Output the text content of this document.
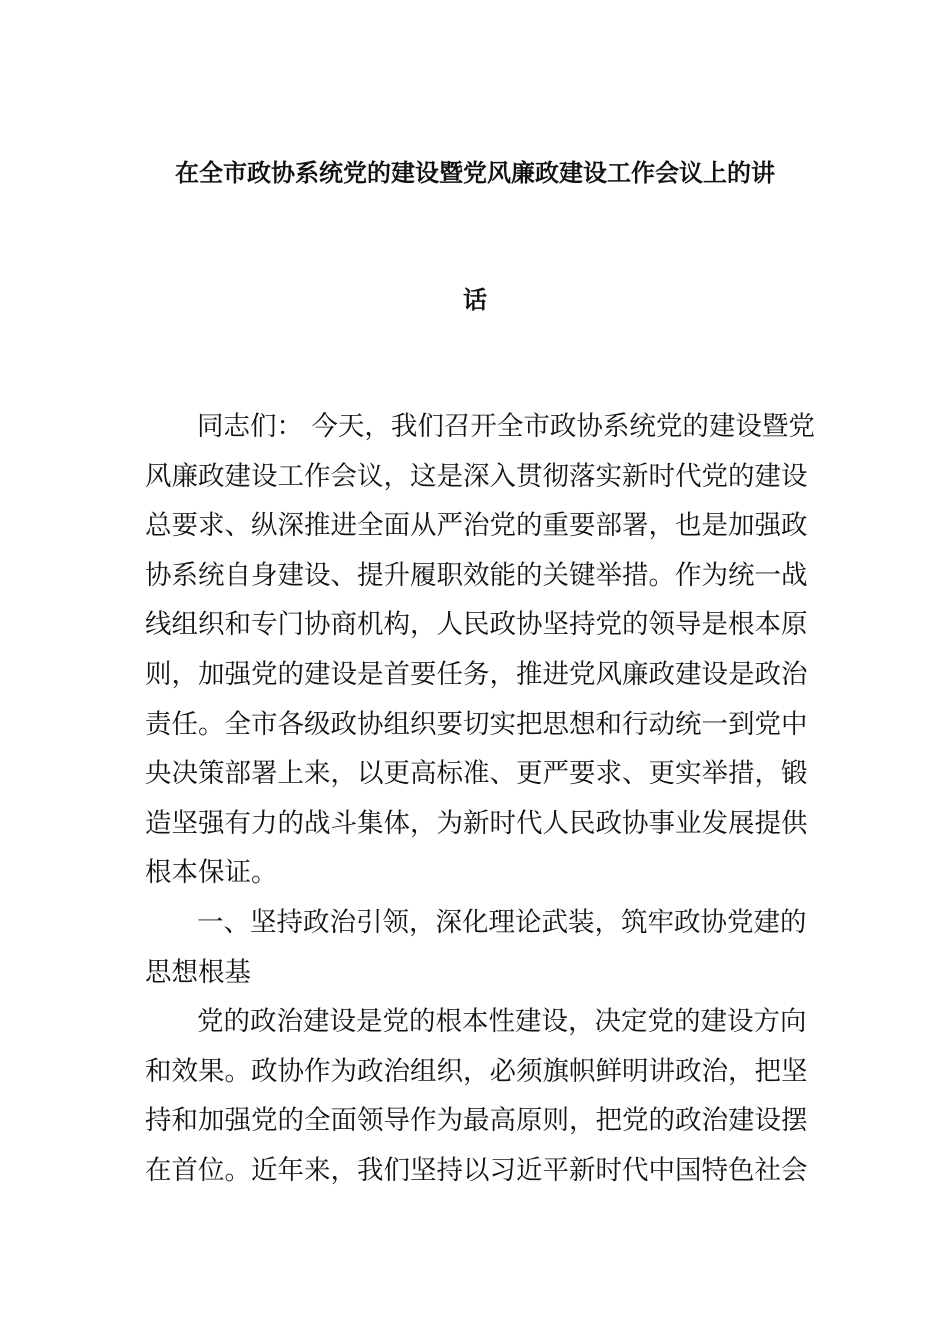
在全市政协系统党的建设暨党风廉政建设工作会议上的讲
话
同志们： 今天，我们召开全市政协系统党的建设暨党
风廉政建设工作会议，这是深入贯彻落实新时代党的建设
总要求、纵深推进全面从严治党的重要部署，也是加强政
协系统自身建设、提升履职效能的关键举措。作为统一战
线组织和专门协商机构，人民政协坚持党的领导是根本原
则，加强党的建设是首要任务，推进党风廉政建设是政治
责任。全市各级政协组织要切实把思想和行动统一到党中
央决策部署上来，以更高标准、更严要求、更实举措，锻
造坚强有力的战斗集体，为新时代人民政协事业发展提供
根本保证。
一、坚持政治引领，深化理论武装，筑牢政协党建的
思想根基
党的政治建设是党的根本性建设，决定党的建设方向
和效果。政协作为政治组织，必须旗帜鲜明讲政治，把坚
持和加强党的全面领导作为最高原则，把党的政治建设摆
在首位。近年来，我们坚持以习近平新时代中国特色社会
